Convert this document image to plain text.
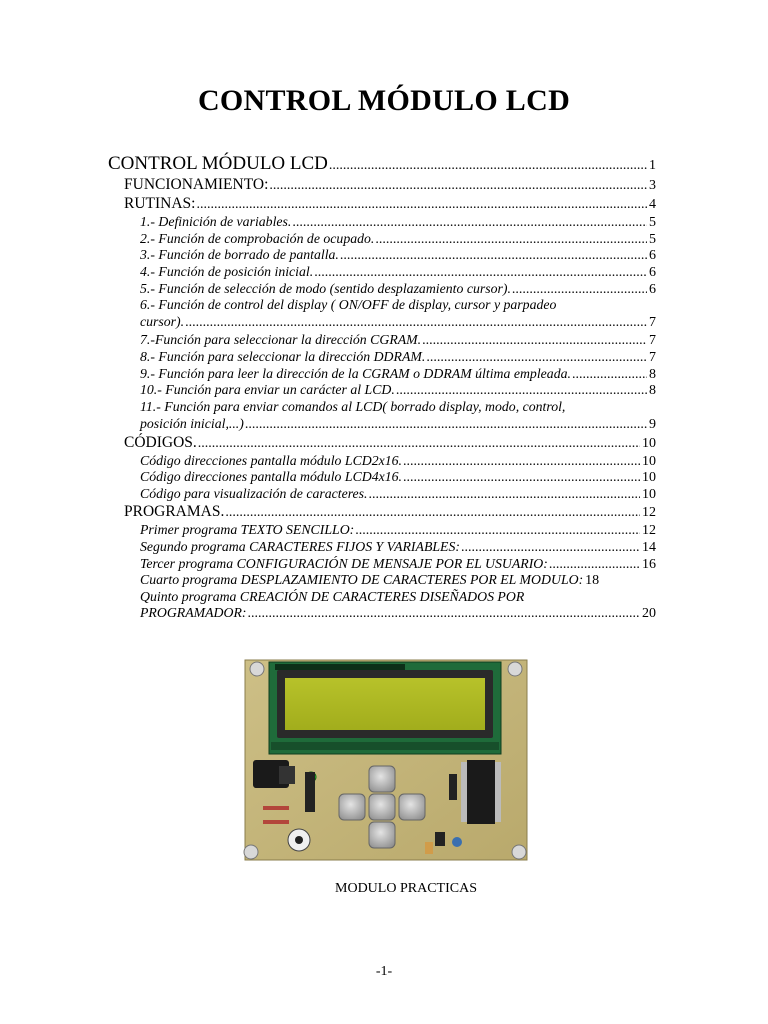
CONTROL MÓDULO LCD
CONTROL MÓDULO LCD .....	1
FUNCIONAMIENTO: .....	3
RUTINAS: .....	4
1.- Definición de variables. .....	5
2.- Función de comprobación de ocupado. .....	5
3.- Función de borrado de pantalla. .....	6
4.- Función de posición inicial. .....	6
5.- Función de selección de modo (sentido desplazamiento cursor). .....	6
6.- Función de control del display ( ON/OFF de display, cursor y parpadeo
cursor). .....	7
7.-Función para seleccionar la dirección CGRAM. .....	7
8.- Función para seleccionar la dirección DDRAM. .....	7
9.- Función para leer la dirección de la CGRAM o DDRAM última empleada. .....	8
10.- Función para enviar un carácter al LCD. .....	8
11.- Función para enviar comandos al LCD( borrado display, modo, control,
posición inicial,...) .....	9
CÓDIGOS. .....	10
Código direcciones pantalla módulo LCD2x16. .....	10
Código direcciones pantalla módulo LCD4x16. .....	10
Código para visualización de caracteres. .....	10
PROGRAMAS. .....	12
Primer programa TEXTO SENCILLO: .....	12
Segundo programa CARACTERES FIJOS Y VARIABLES: .....	14
Tercer programa CONFIGURACIÓN DE MENSAJE POR EL USUARIO: .....	16
Cuarto programa DESPLAZAMIENTO DE CARACTERES POR EL MODULO: 18
Quinto programa CREACIÓN DE CARACTERES DISEÑADOS POR
PROGRAMADOR: .....	20
MODULO PRACTICAS
-1-
